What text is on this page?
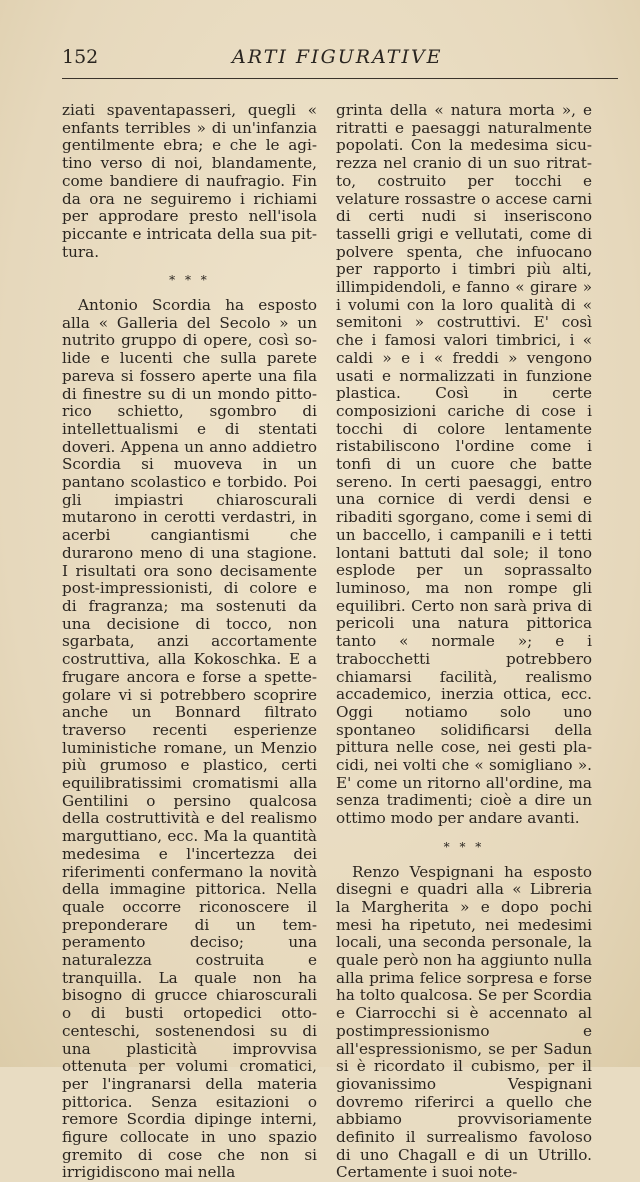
152	ARTI FIGURATIVE

ziati spaventapasseri, quegli « enfants terribles » di un'infanzia gentilmente ebra; e che le agitino verso di noi, blandamente, come bandiere di naufragio. Fin da ora ne seguiremo i richiami per approdare presto nell'isola piccante e intricata della sua pittura.

* * *

Antonio Scordia ha esposto alla « Galleria del Secolo » un nutrito gruppo di opere, così solide e lucenti che sulla parete pareva si fossero aperte una fila di finestre su di un mondo pittorico schietto, sgombro di intellettualismi e di stentati doveri. Appena un anno addietro Scordia si muoveva in un pantano scolastico e torbido. Poi gli impiastri chiaroscurali mutarono in cerotti verdastri, in acerbi cangiantismi che durarono meno di una stagione. I risultati ora sono decisamente post-impressionisti, di colore e di fragranza; ma sostenuti da una decisione di tocco, non sgarbata, anzi accortamente costruttiva, alla Kokoschka. E a frugare ancora e forse a spettegolare vi si potrebbero scoprire anche un Bonnard filtrato traverso recenti esperienze luministiche romane, un Menzio più grumoso e plastico, certi equilibratissimi cromatismi alla Gentilini o persino qualcosa della costruttività e del realismo marguttiano, ecc. Ma la quantità medesima e l'incertezza dei riferimenti confermano la novità della immagine pittorica. Nella quale occorre riconoscere il preponderare di un temperamento deciso; una naturalezza costruita e tranquilla. La quale non ha bisogno di grucce chiaroscurali o di busti ortopedici ottocenteschi, sostenendosi su di una plasticità improvvisa ottenuta per volumi cromatici, per l'ingranarsi della materia pittorica. Senza esitazioni o remore Scordia dipinge interni, figure collocate in uno spazio gremito di cose che non si irrigidiscono mai nella

grinta della « natura morta », e ritratti e paesaggi naturalmente popolati. Con la medesima sicurezza nel cranio di un suo ritratto, costruito per tocchi e velature rossastre o accese carni di certi nudi si inseriscono tasselli grigi e vellutati, come di polvere spenta, che infuocano per rapporto i timbri più alti, illimpidendoli, e fanno « girare » i volumi con la loro qualità di « semitoni » costruttivi. E' così che i famosi valori timbrici, i « caldi » e i « freddi » vengono usati e normalizzati in funzione plastica. Così in certe composizioni cariche di cose i tocchi di colore lentamente ristabiliscono l'ordine come i tonfi di un cuore che batte sereno. In certi paesaggi, entro una cornice di verdi densi e ribaditi sgorgano, come i semi di un baccello, i campanili e i tetti lontani battuti dal sole; il tono esplode per un soprassalto luminoso, ma non rompe gli equilibri. Certo non sarà priva di pericoli una natura pittorica tanto « normale »; e i trabocchetti potrebbero chiamarsi facilità, realismo accademico, inerzia ottica, ecc. Oggi notiamo solo uno spontaneo solidificarsi della pittura nelle cose, nei gesti placidi, nei volti che « somigliano ». E' come un ritorno all'ordine, ma senza tradimenti; cioè a dire un ottimo modo per andare avanti.

* * *

Renzo Vespignani ha esposto disegni e quadri alla « Libreria la Margherita » e dopo pochi mesi ha ripetuto, nei medesimi locali, una seconda personale, la quale però non ha aggiunto nulla alla prima felice sorpresa e forse ha tolto qualcosa. Se per Scordia e Ciarrocchi si è accennato al postimpressionismo e all'espressionismo, se per Sadun si è ricordato il cubismo, per il giovanissimo Vespignani dovremo riferirci a quello che abbiamo provvisoriamente definito il surrealismo favoloso di uno Chagall e di un Utrillo. Certamente i suoi note-
